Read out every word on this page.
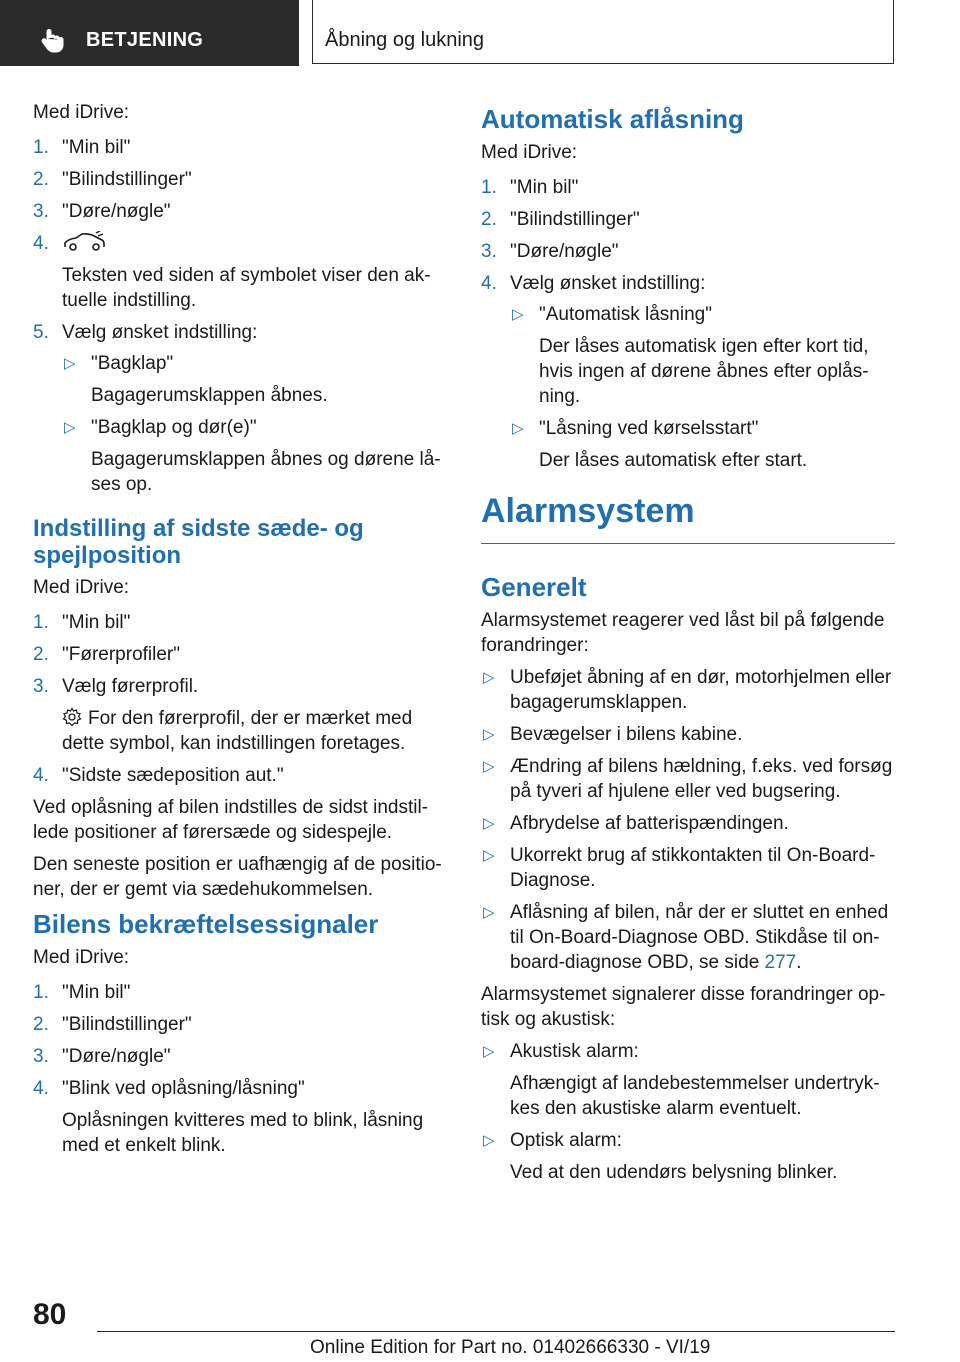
BETJENING	Åbning og lukning

Med iDrive:

1. "Min bil"
2. "Bilindstillinger"
3. "Døre/nøgle"
4.
Teksten ved siden af symbolet viser den ak-tuelle indstilling.
5. Vælg ønsket indstilling:
▷ "Bagklap"
Bagagerumsklappen åbnes.
▷ "Bagklap og dør(e)"
Bagagerumsklappen åbnes og dørene lå-ses op.
Indstilling af sidste sæde- og spejlposition

Med iDrive:

1. "Min bil"
2. "Førerprofiler"
3. Vælg førerprofil.
For den førerprofil, der er mærket med dette symbol, kan indstillingen foretages.
4. "Sidste sædeposition aut."

Ved oplåsning af bilen indstilles de sidst indstil-lede positioner af førersæde og sidespejle.

Den seneste position er uafhængig af de positio-ner, der er gemt via sædehukommelsen.

Bilens bekræftelsessignaler

Med iDrive:

1. "Min bil"
2. "Bilindstillinger"
3. "Døre/nøgle"
4. "Blink ved oplåsning/låsning"
Oplåsningen kvitteres med to blink, låsning med et enkelt blink.
Automatisk aflåsning

Med iDrive:

1. "Min bil"
2. "Bilindstillinger"
3. "Døre/nøgle"
4. Vælg ønsket indstilling:
▷ "Automatisk låsning"
Der låses automatisk igen efter kort tid, hvis ingen af dørene åbnes efter oplås-ning.
▷ "Låsning ved kørselsstart"
Der låses automatisk efter start.
Alarmsystem
Generelt

Alarmsystemet reagerer ved låst bil på følgende forandringer:

▷ Ubeføjet åbning af en dør, motorhjelmen eller bagagerumsklappen.
▷ Bevægelser i bilens kabine.
▷ Ændring af bilens hældning, f.eks. ved forsøg på tyveri af hjulene eller ved bugsering.
▷ Afbrydelse af batterispændingen.
▷ Ukorrekt brug af stikkontakten til On-Board-Diagnose.
▷ Aflåsning af bilen, når der er sluttet en enhed til On-Board-Diagnose OBD. Stikdåse til on-board-diagnose OBD, se side 277.

Alarmsystemet signalerer disse forandringer op-tisk og akustisk:

▷ Akustisk alarm:
Afhængigt af landebestemmelser undertryk-kes den akustiske alarm eventuelt.
▷ Optisk alarm:
Ved at den udendørs belysning blinker.
80
Online Edition for Part no. 01402666330 - VI/19
